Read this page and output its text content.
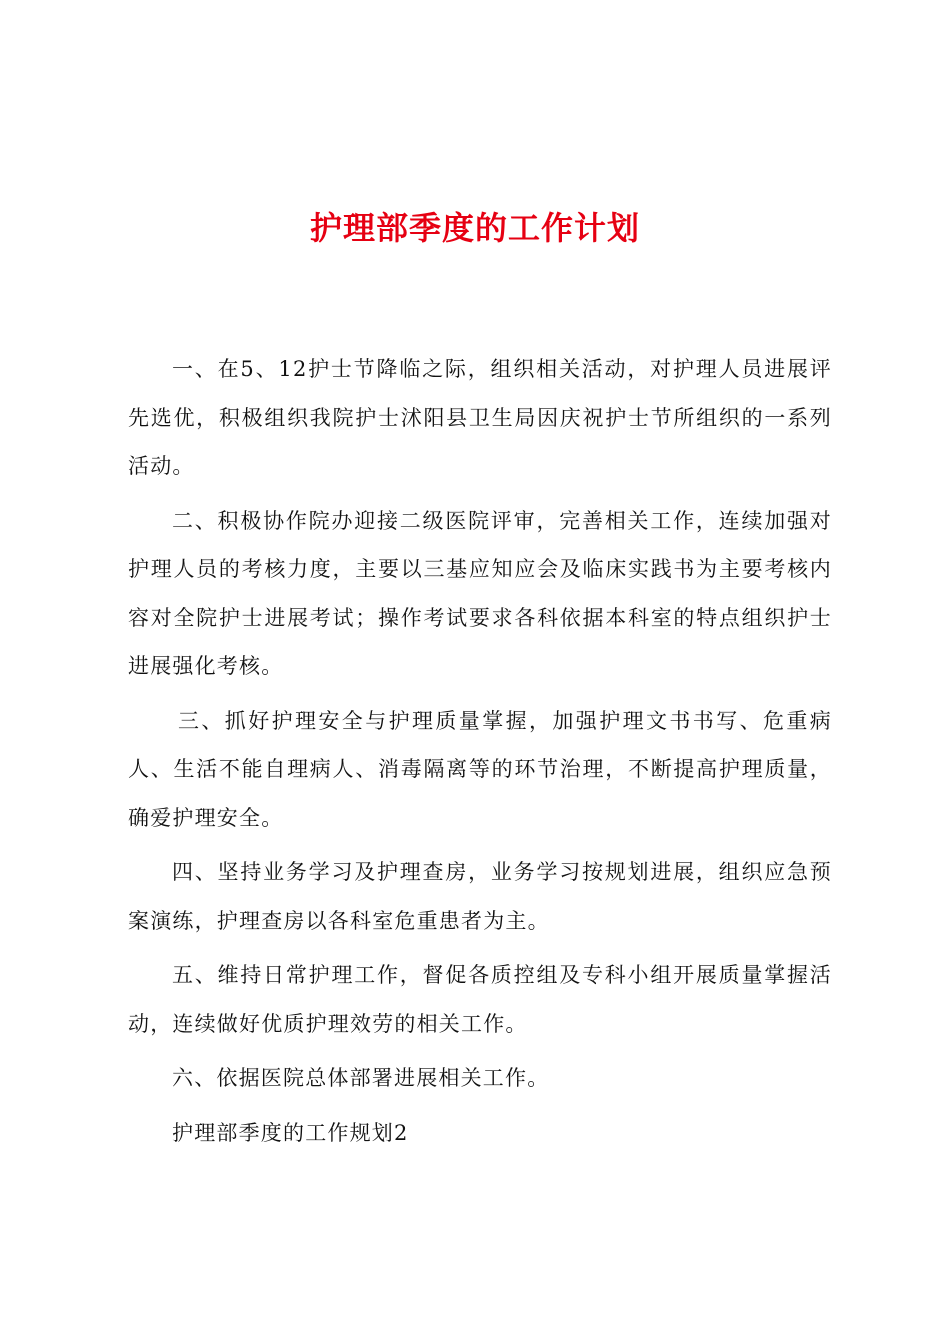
护理部季度的工作计划

一、在5、12护士节降临之际，组织相关活动，对护理人员进展评先选优，积极组织我院护士沭阳县卫生局因庆祝护士节所组织的一系列活动。

二、积极协作院办迎接二级医院评审，完善相关工作，连续加强对护理人员的考核力度，主要以三基应知应会及临床实践书为主要考核内容对全院护士进展考试；操作考试要求各科依据本科室的特点组织护士进展强化考核。

三、抓好护理安全与护理质量掌握，加强护理文书书写、危重病人、生活不能自理病人、消毒隔离等的环节治理，不断提高护理质量，确爱护理安全。

四、坚持业务学习及护理查房，业务学习按规划进展，组织应急预案演练，护理查房以各科室危重患者为主。

五、维持日常护理工作，督促各质控组及专科小组开展质量掌握活动，连续做好优质护理效劳的相关工作。

六、依据医院总体部署进展相关工作。

护理部季度的工作规划2
